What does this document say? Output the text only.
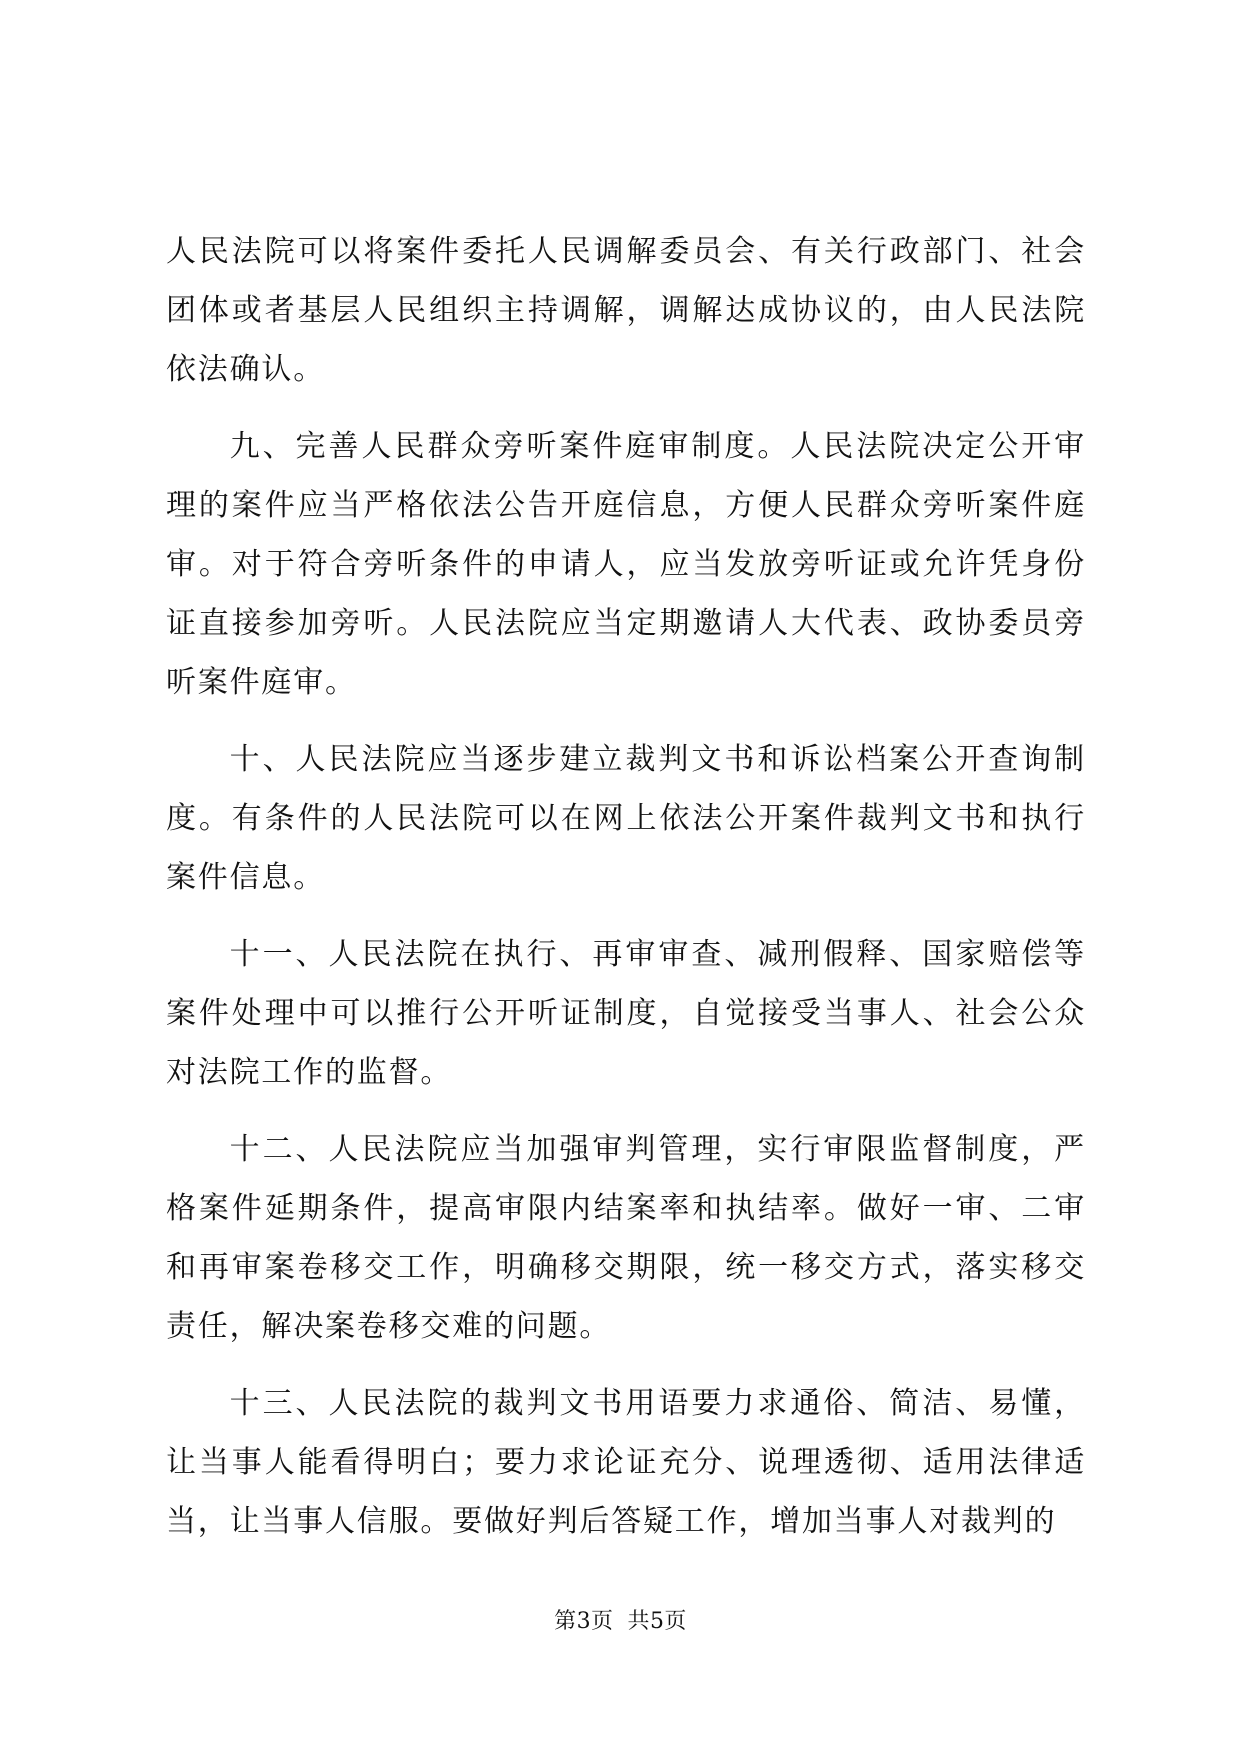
人民法院可以将案件委托人民调解委员会、有关行政部门、社会团体或者基层人民组织主持调解，调解达成协议的，由人民法院依法确认。

九、完善人民群众旁听案件庭审制度。人民法院决定公开审理的案件应当严格依法公告开庭信息，方便人民群众旁听案件庭审。对于符合旁听条件的申请人，应当发放旁听证或允许凭身份证直接参加旁听。人民法院应当定期邀请人大代表、政协委员旁听案件庭审。

十、人民法院应当逐步建立裁判文书和诉讼档案公开查询制度。有条件的人民法院可以在网上依法公开案件裁判文书和执行案件信息。

十一、人民法院在执行、再审审查、减刑假释、国家赔偿等案件处理中可以推行公开听证制度，自觉接受当事人、社会公众对法院工作的监督。

十二、人民法院应当加强审判管理，实行审限监督制度，严格案件延期条件，提高审限内结案率和执结率。做好一审、二审和再审案卷移交工作，明确移交期限，统一移交方式，落实移交责任，解决案卷移交难的问题。

十三、人民法院的裁判文书用语要力求通俗、简洁、易懂，让当事人能看得明白；要力求论证充分、说理透彻、适用法律适当，让当事人信服。要做好判后答疑工作，增加当事人对裁判的

第3页 共5页
